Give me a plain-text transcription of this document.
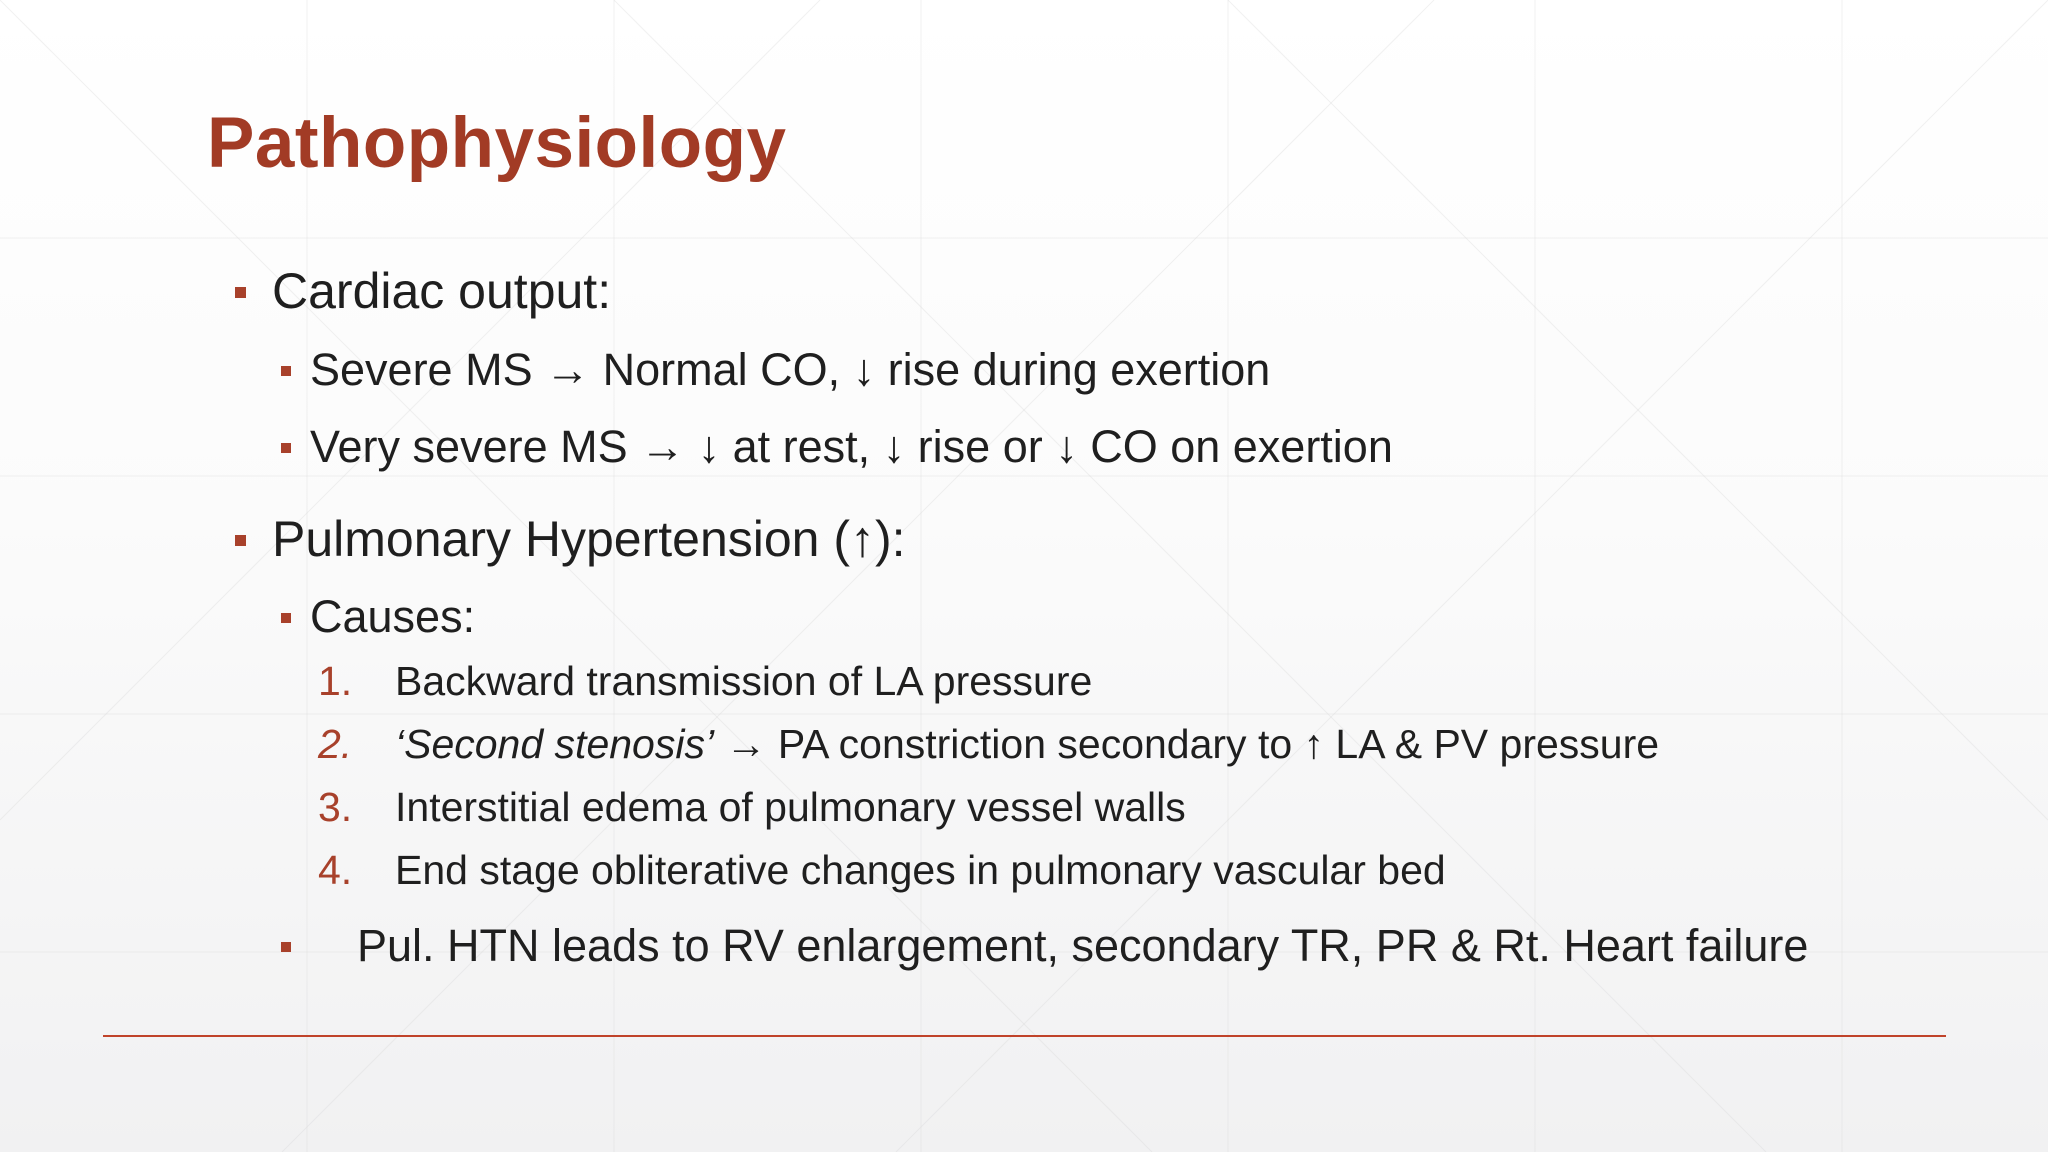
Pathophysiology
Cardiac output:
Severe MS → Normal CO, ↓ rise during exertion
Very severe MS → ↓ at rest, ↓ rise or ↓ CO on exertion
Pulmonary Hypertension (↑):
Causes:
1. Backward transmission of LA pressure
2. ‘Second stenosis’ → PA constriction secondary to ↑ LA & PV pressure
3. Interstitial edema of pulmonary vessel walls
4. End stage obliterative changes in pulmonary vascular bed
Pul. HTN leads to RV enlargement, secondary TR, PR & Rt. Heart failure
